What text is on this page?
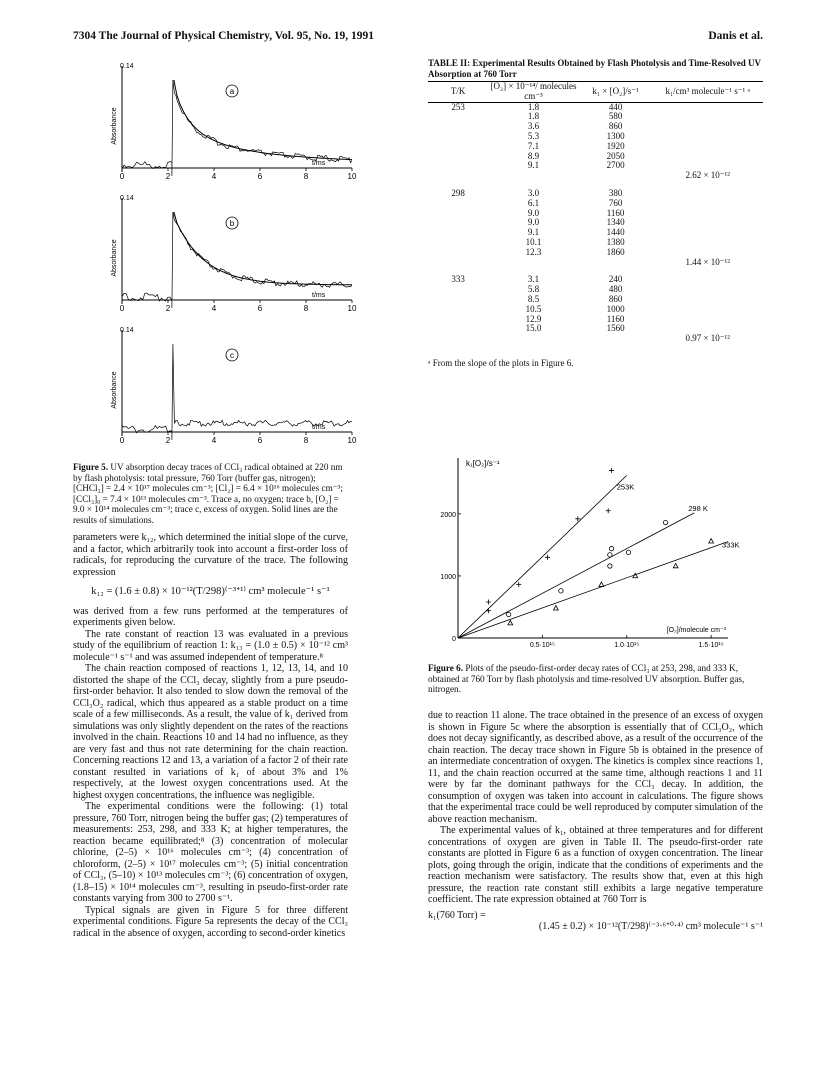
7304 The Journal of Physical Chemistry, Vol. 95, No. 19, 1991	Danis et al.
0.14
Absorbance
0	2	4	6	8	10
t/ms
a
0.14
Absorbance
0	2	4	6	8	10
t/ms
b
0.14
Absorbance
0	2	4	6	8	10
t/ms
c
Figure 5. UV absorption decay traces of CCl₃ radical obtained at 220 nm by flash photolysis: total pressure, 760 Torr (buffer gas, nitrogen); [CHCl₃] = 2.4 × 10¹⁷ molecules cm⁻³; [Cl₂] = 6.4 × 10¹⁶ molecules cm⁻³; [CCl₃]₀ = 7.4 × 10¹³ molecules cm⁻³. Trace a, no oxygen; trace b, [O₂] = 9.0 × 10¹⁴ molecules cm⁻³; trace c, excess of oxygen. Solid lines are the results of simulations.

parameters were k₁₂, which determined the initial slope of the curve, and a factor, which arbitrarily took into account a first-order loss of radicals, for reproducing the curvature of the trace. The following expression

k₁₂ = (1.6 ± 0.8) × 10⁻¹²(T/298)⁽⁻³ᐩ¹⁾ cm³ molecule⁻¹ s⁻¹

was derived from a few runs performed at the temperatures of experiments given below.

The rate constant of reaction 13 was evaluated in a previous study of the equilibrium of reaction 1: k₁₃ = (1.0 ± 0.5) × 10⁻¹² cm³ molecule⁻¹ s⁻¹ and was assumed independent of temperature.⁸

The chain reaction composed of reactions 1, 12, 13, 14, and 10 distorted the shape of the CCl₃ decay, slightly from a pure pseudo-first-order behavior. It also tended to slow down the removal of the CCl₃O₂ radical, which thus appeared as a stable product on a time scale of a few milliseconds. As a result, the value of k₁ derived from simulations was only slightly dependent on the rates of the reactions involved in the chain. Reactions 10 and 14 had no influence, as they are very fast and thus not rate determining for the chain reaction. Concerning reactions 12 and 13, a variation of a factor 2 of their rate constant resulted in variations of k₁ of about 3% and 1% respectively, at the lowest oxygen concentrations used. At the highest oxygen concentrations, the influence was negligible.

The experimental conditions were the following: (1) total pressure, 760 Torr, nitrogen being the buffer gas; (2) temperatures of measurements: 253, 298, and 333 K; at higher temperatures, the reaction became equilibrated;⁸ (3) concentration of molecular chlorine, (2–5) × 10¹⁶ molecules cm⁻³; (4) concentration of chloroform, (2–5) × 10¹⁷ molecules cm⁻³; (5) initial concentration of CCl₃, (5–10) × 10¹³ molecules cm⁻³; (6) concentration of oxygen, (1.8–15) × 10¹⁴ molecules cm⁻³, resulting in pseudo-first-order rate constants varying from 300 to 2700 s⁻¹.

Typical signals are given in Figure 5 for three different experimental conditions. Figure 5a represents the decay of the CCl₃ radical in the absence of oxygen, according to second-order kinetics

TABLE II: Experimental Results Obtained by Flash Photolysis and Time-Resolved UV Absorption at 760 Torr
T/K	[O₂] × 10⁻¹⁴/ molecules cm⁻³	k₁ × [O₂]/s⁻¹	k₁/cm³ molecule⁻¹ s⁻¹ ᵃ
253	1.8	440	
	1.8	580	
	3.6	860	
	5.3	1300	
	7.1	1920	
	8.9	2050	
	9.1	2700	
			2.62 × 10⁻¹²
298	3.0	380	
	6.1	760	
	9.0	1160	
	9.0	1340	
	9.1	1440	
	10.1	1380	
	12.3	1860	
			1.44 × 10⁻¹²
333	3.1	240	
	5.8	480	
	8.5	860	
	10.5	1000	
	12.9	1160	
	15.0	1560	
			0.97 × 10⁻¹²
ᵃ From the slope of the plots in Figure 6.
k₁[O₂]/s⁻¹
[O₂]/molecule cm⁻³
0.5·10¹⁵	1.0·10¹⁵	1.5·10¹⁵
0
1000
2000
253K
298 K
333K
Figure 6. Plots of the pseudo-first-order decay rates of CCl₃ at 253, 298, and 333 K, obtained at 760 Torr by flash photolysis and time-resolved UV absorption. Buffer gas, nitrogen.

due to reaction 11 alone. The trace obtained in the presence of an excess of oxygen is shown in Figure 5c where the absorption is essentially that of CCl₃O₂, which does not decay significantly, as described above, as a result of the occurrence of the chain reaction. The decay trace shown in Figure 5b is obtained in the presence of an intermediate concentration of oxygen. The kinetics is complex since reactions 1, 11, and the chain reaction occurred at the same time, although reactions 1 and 11 were by far the dominant pathways for the CCl₃ decay. In addition, the consumption of oxygen was taken into account in calculations. The figure shows that the experimental trace could be well reproduced by computer simulation of the above reaction mechanism.

The experimental values of k₁, obtained at three temperatures and for different concentrations of oxygen are given in Table II. The pseudo-first-order rate constants are plotted in Figure 6 as a function of oxygen concentration. The linear plots, going through the origin, indicate that the conditions of experiments and the reaction mechanism were satisfactory. The results show that, even at this high pressure, the reaction rate constant still exhibits a large negative temperature coefficient. The rate expression obtained at 760 Torr is

k₁(760 Torr) =

(1.45 ± 0.2) × 10⁻¹²(T/298)⁽⁻³·⁶ᐩ⁰·⁴⁾ cm³ molecule⁻¹ s⁻¹
